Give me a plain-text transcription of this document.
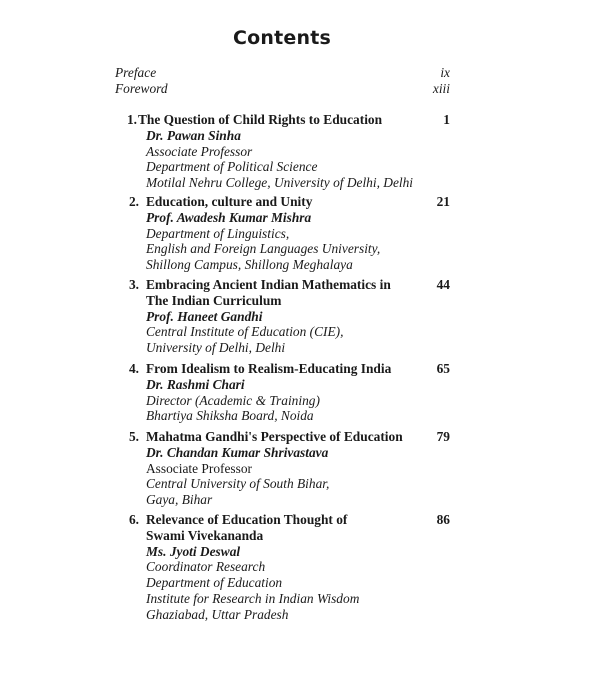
Contents
Preface	ix
Foreword	xiii
1. The Question of Child Rights to Education
Dr. Pawan Sinha
Associate Professor
Department of Political Science
Motilal Nehru College, University of Delhi, Delhi
1
2. Education, culture and Unity
Prof. Awadesh Kumar Mishra
Department of Linguistics,
English and Foreign Languages University,
Shillong Campus, Shillong Meghalaya
21
3. Embracing Ancient Indian Mathematics in
The Indian Curriculum
Prof. Haneet Gandhi
Central Institute of Education (CIE),
University of Delhi, Delhi
44
4. From Idealism to Realism-Educating India
Dr. Rashmi Chari
Director (Academic & Training)
Bhartiya Shiksha Board, Noida
65
5. Mahatma Gandhi's Perspective of Education
Dr. Chandan Kumar Shrivastava
Associate Professor
Central University of South Bihar,
Gaya, Bihar
79
6. Relevance of Education Thought of
Swami Vivekananda
Ms. Jyoti Deswal
Coordinator Research
Department of Education
Institute for Research in Indian Wisdom
Ghaziabad, Uttar Pradesh
86
